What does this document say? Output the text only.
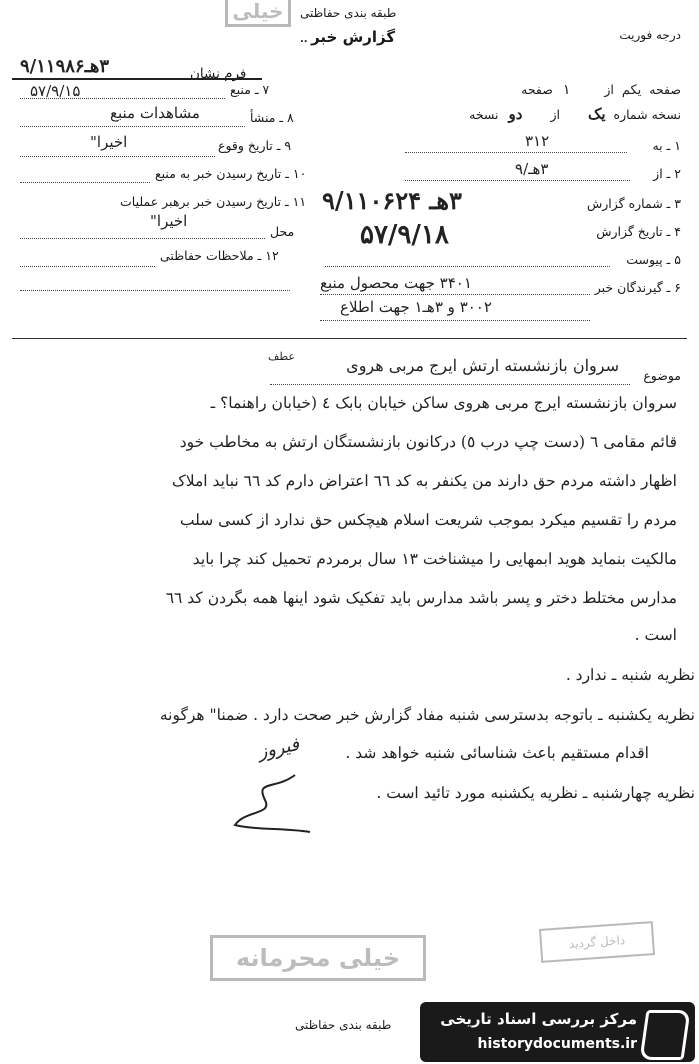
خیلی
درجه فوریت
طبقه بندی حفاظتی
گزارش خبر ..
فرم نشان
۳هـ۹/۱۱۹۸۶
۵۷/۹/۱۵	صفحه یکم از ۱ صفحه
نسخه شماره یک از دو نسخه
۷ ـ منبع
۸ ـ منشأ
مشاهدات منبع
۹ ـ تاریخ وقوع
اخیرا"
۱۰ ـ تاریخ رسیدن خبر به منبع
۱۱ ـ تاریخ رسیدن خبر برهبر عملیات
اخیرا"
محل
۱۲ ـ ملاحظات حفاظتی
۱ ـ به
۳۱۲
۲ ـ از
۳هـ/۹
۳ ـ شماره گزارش
۳هـ ۹/۱۱۰۶۲۴
۴ ـ تاریخ گزارش
۵۷/۹/۱۸
۵ ـ پیوست
۶ ـ گیرندگان خبر
۳۴۰۱ جهت محصول منبع
۳۰۰۲ و ۳هـ۱ جهت اطلاع
موضوع
سروان بازنشسته ارتش ایرج مربی هروی
عطف
سروان بازنشسته ایرج مربی هروی ساکن خیابان بابک ٤ (خیابان راهنما؟ ـ
قائم مقامی ٦ (دست چپ درب ٥) درکانون بازنشستگان ارتش به مخاطب خود
اظهار داشته مردم حق دارند من یکنفر به کد ٦٦ اعتراض دارم کد ٦٦ نباید املاک
مردم را تقسیم میکرد بموجب شریعت اسلام هیچکس حق ندارد از کسی سلب
مالکیت بنماید هوید ابمهایی را میشناخت ۱۳ سال برمردم تحمیل کند چرا باید
مدارس مختلط دختر و پسر باشد مدارس باید تفکیک شود اینها همه بگردن کد ٦٦
است .
نظریه شنبه ـ ندارد .
نظریه یکشنبه ـ باتوجه بدسترسی شنبه مفاد گزارش خبر صحت دارد . ضمنا" هرگونه
اقدام مستقیم باعث شناسائی شنبه خواهد شد .
نظریه چهارشنبه ـ نظریه یکشنبه مورد تائید است .
فیروز
خیلی محرمانه
داخل گردید
طبقه بندی حفاظتی	مرکز بررسی اسناد تاریخی
historydocuments.ir
